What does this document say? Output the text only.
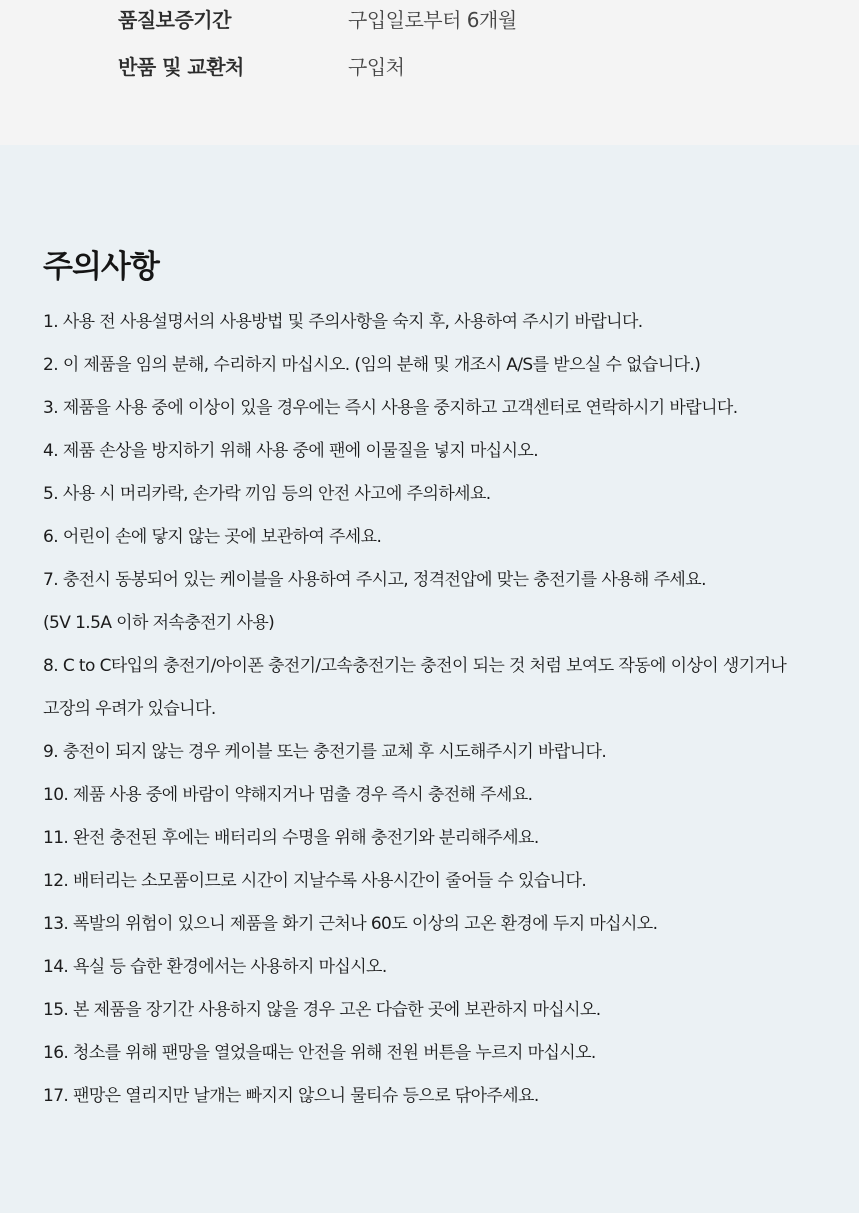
품질보증기간	구입일로부터 6개월
반품 및 교환처	구입처
주의사항
1. 사용 전 사용설명서의 사용방법 및 주의사항을 숙지 후, 사용하여 주시기 바랍니다.
2. 이 제품을 임의 분해, 수리하지 마십시오. (임의 분해 및 개조시 A/S를 받으실 수 없습니다.)
3. 제품을 사용 중에 이상이 있을 경우에는 즉시 사용을 중지하고 고객센터로 연락하시기 바랍니다.
4. 제품 손상을 방지하기 위해 사용 중에 팬에 이물질을 넣지 마십시오.
5. 사용 시 머리카락, 손가락 끼임 등의 안전 사고에 주의하세요.
6. 어린이 손에 닿지 않는 곳에 보관하여 주세요.
7. 충전시 동봉되어 있는 케이블을 사용하여 주시고, 정격전압에 맞는 충전기를 사용해 주세요.
(5V 1.5A 이하 저속충전기 사용)
8. C to C타입의 충전기/아이폰 충전기/고속충전기는 충전이 되는 것 처럼 보여도 작동에 이상이 생기거나
고장의 우려가 있습니다.
9. 충전이 되지 않는 경우 케이블 또는 충전기를 교체 후 시도해주시기 바랍니다.
10. 제품 사용 중에 바람이 약해지거나 멈출 경우 즉시 충전해 주세요.
11. 완전 충전된 후에는 배터리의 수명을 위해 충전기와 분리해주세요.
12. 배터리는 소모품이므로 시간이 지날수록 사용시간이 줄어들 수 있습니다.
13. 폭발의 위험이 있으니 제품을 화기 근처나 60도 이상의 고온 환경에 두지 마십시오.
14. 욕실 등 습한 환경에서는 사용하지 마십시오.
15. 본 제품을 장기간 사용하지 않을 경우 고온 다습한 곳에 보관하지 마십시오.
16. 청소를 위해 팬망을 열었을때는 안전을 위해 전원 버튼을 누르지 마십시오.
17. 팬망은 열리지만 날개는 빠지지 않으니 물티슈 등으로 닦아주세요.
